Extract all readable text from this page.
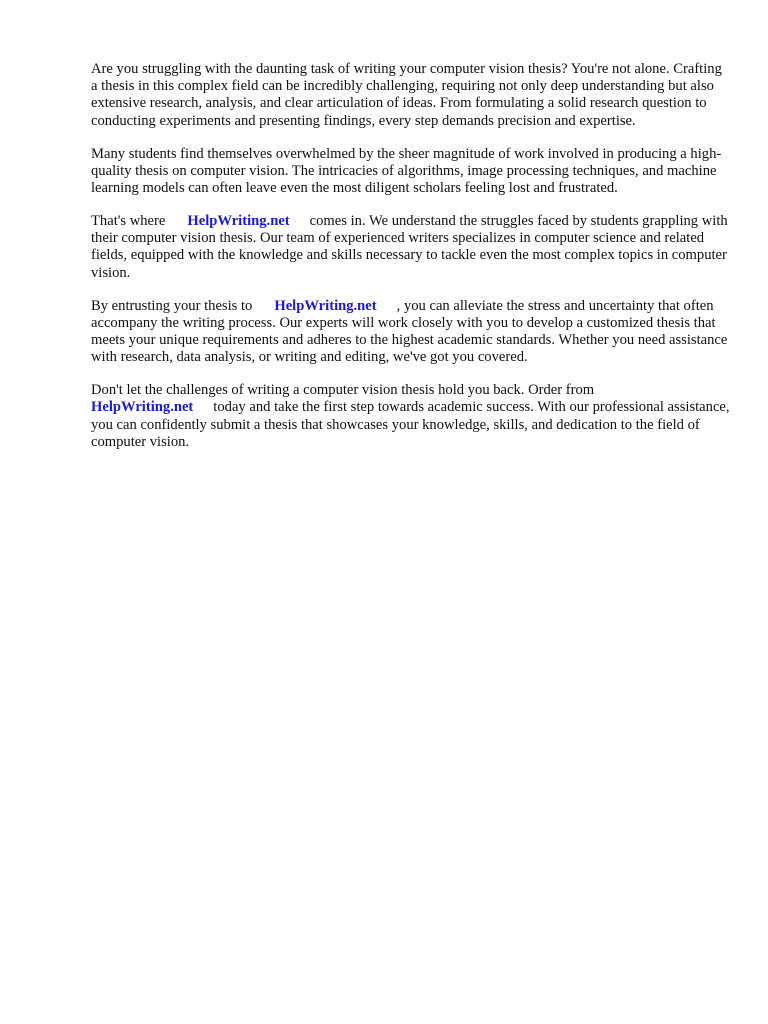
Are you struggling with the daunting task of writing your computer vision thesis? You're not alone. Crafting a thesis in this complex field can be incredibly challenging, requiring not only deep understanding but also extensive research, analysis, and clear articulation of ideas. From formulating a solid research question to conducting experiments and presenting findings, every step demands precision and expertise.

Many students find themselves overwhelmed by the sheer magnitude of work involved in producing a high-quality thesis on computer vision. The intricacies of algorithms, image processing techniques, and machine learning models can often leave even the most diligent scholars feeling lost and frustrated.

That's where HelpWriting.net comes in. We understand the struggles faced by students grappling with their computer vision thesis. Our team of experienced writers specializes in computer science and related fields, equipped with the knowledge and skills necessary to tackle even the most complex topics in computer vision.

By entrusting your thesis to HelpWriting.net , you can alleviate the stress and uncertainty that often accompany the writing process. Our experts will work closely with you to develop a customized thesis that meets your unique requirements and adheres to the highest academic standards. Whether you need assistance with research, data analysis, or writing and editing, we've got you covered.

Don't let the challenges of writing a computer vision thesis hold you back. Order from HelpWriting.net today and take the first step towards academic success. With our professional assistance, you can confidently submit a thesis that showcases your knowledge, skills, and dedication to the field of computer vision.
